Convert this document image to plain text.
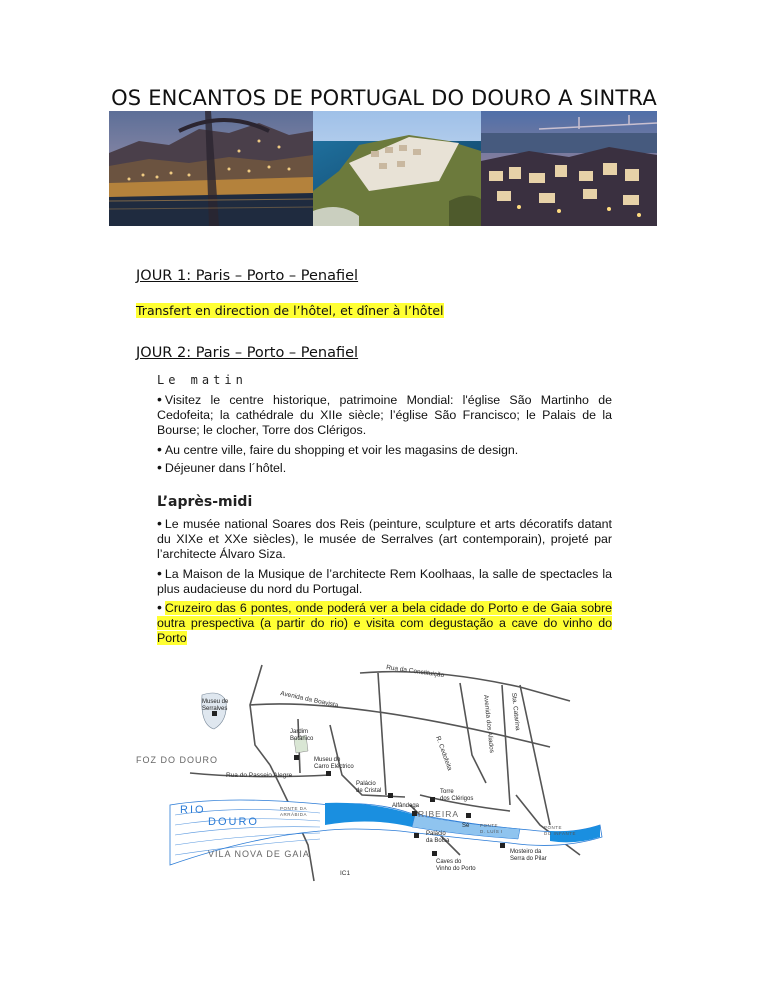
OS ENCANTOS DE PORTUGAL DO DOURO A SINTRA
JOUR 1: Paris – Porto – Penafiel
Transfert en direction de l’hôtel, et dîner à l’hôtel
JOUR 2: Paris – Porto – Penafiel
Le matin
• Visitez le centre historique, patrimoine Mondial: l'église São Martinho de Cedofeita; la cathédrale du XIIe siècle; l’église São Francisco; le Palais de la Bourse; le clocher, Torre dos Clérigos.
• Au centre ville, faire du shopping et voir les magasins de design.
• Déjeuner dans l´hôtel.
L’après-midi
• Le musée national Soares dos Reis (peinture, sculpture et arts décoratifs datant du XIXe et XXe siècles), le musée de Serralves (art contemporain), projeté par l’architecte Álvaro Siza.
• La Maison de la Musique de l’architecte Rem Koolhaas, la salle de spectacles la plus audacieuse du nord du Portugal.
• Cruzeiro das 6 pontes, onde poderá ver a bela cidade do Porto e de Gaia sobre outra prespectiva (a partir do rio) e visita com degustação a cave do vinho do Porto
Rua da Constituição
Avenida da Boavista	Avenida dos Aliados Sta. Catarina
R. Cedofeita
Rua do Passeio Alegre
IC1
FOZ DO DOURO
VILA NOVA DE GAIA
RIBEIRA
RIO
DOURO
PONTE DA
ARRÁBIDA
PONTE
D. LUÍS I
PONTE
DO INFANTE
Museu de
Serralves
Jardim
Botânico
Museu do
Carro Eléctrico
Palácio
de Cristal	Torre
dos Clérigos
Alfândega
Sé
Palácio
da Bolsa
Caves do
Vinho do Porto
Mosteiro da
Serra do Pilar
